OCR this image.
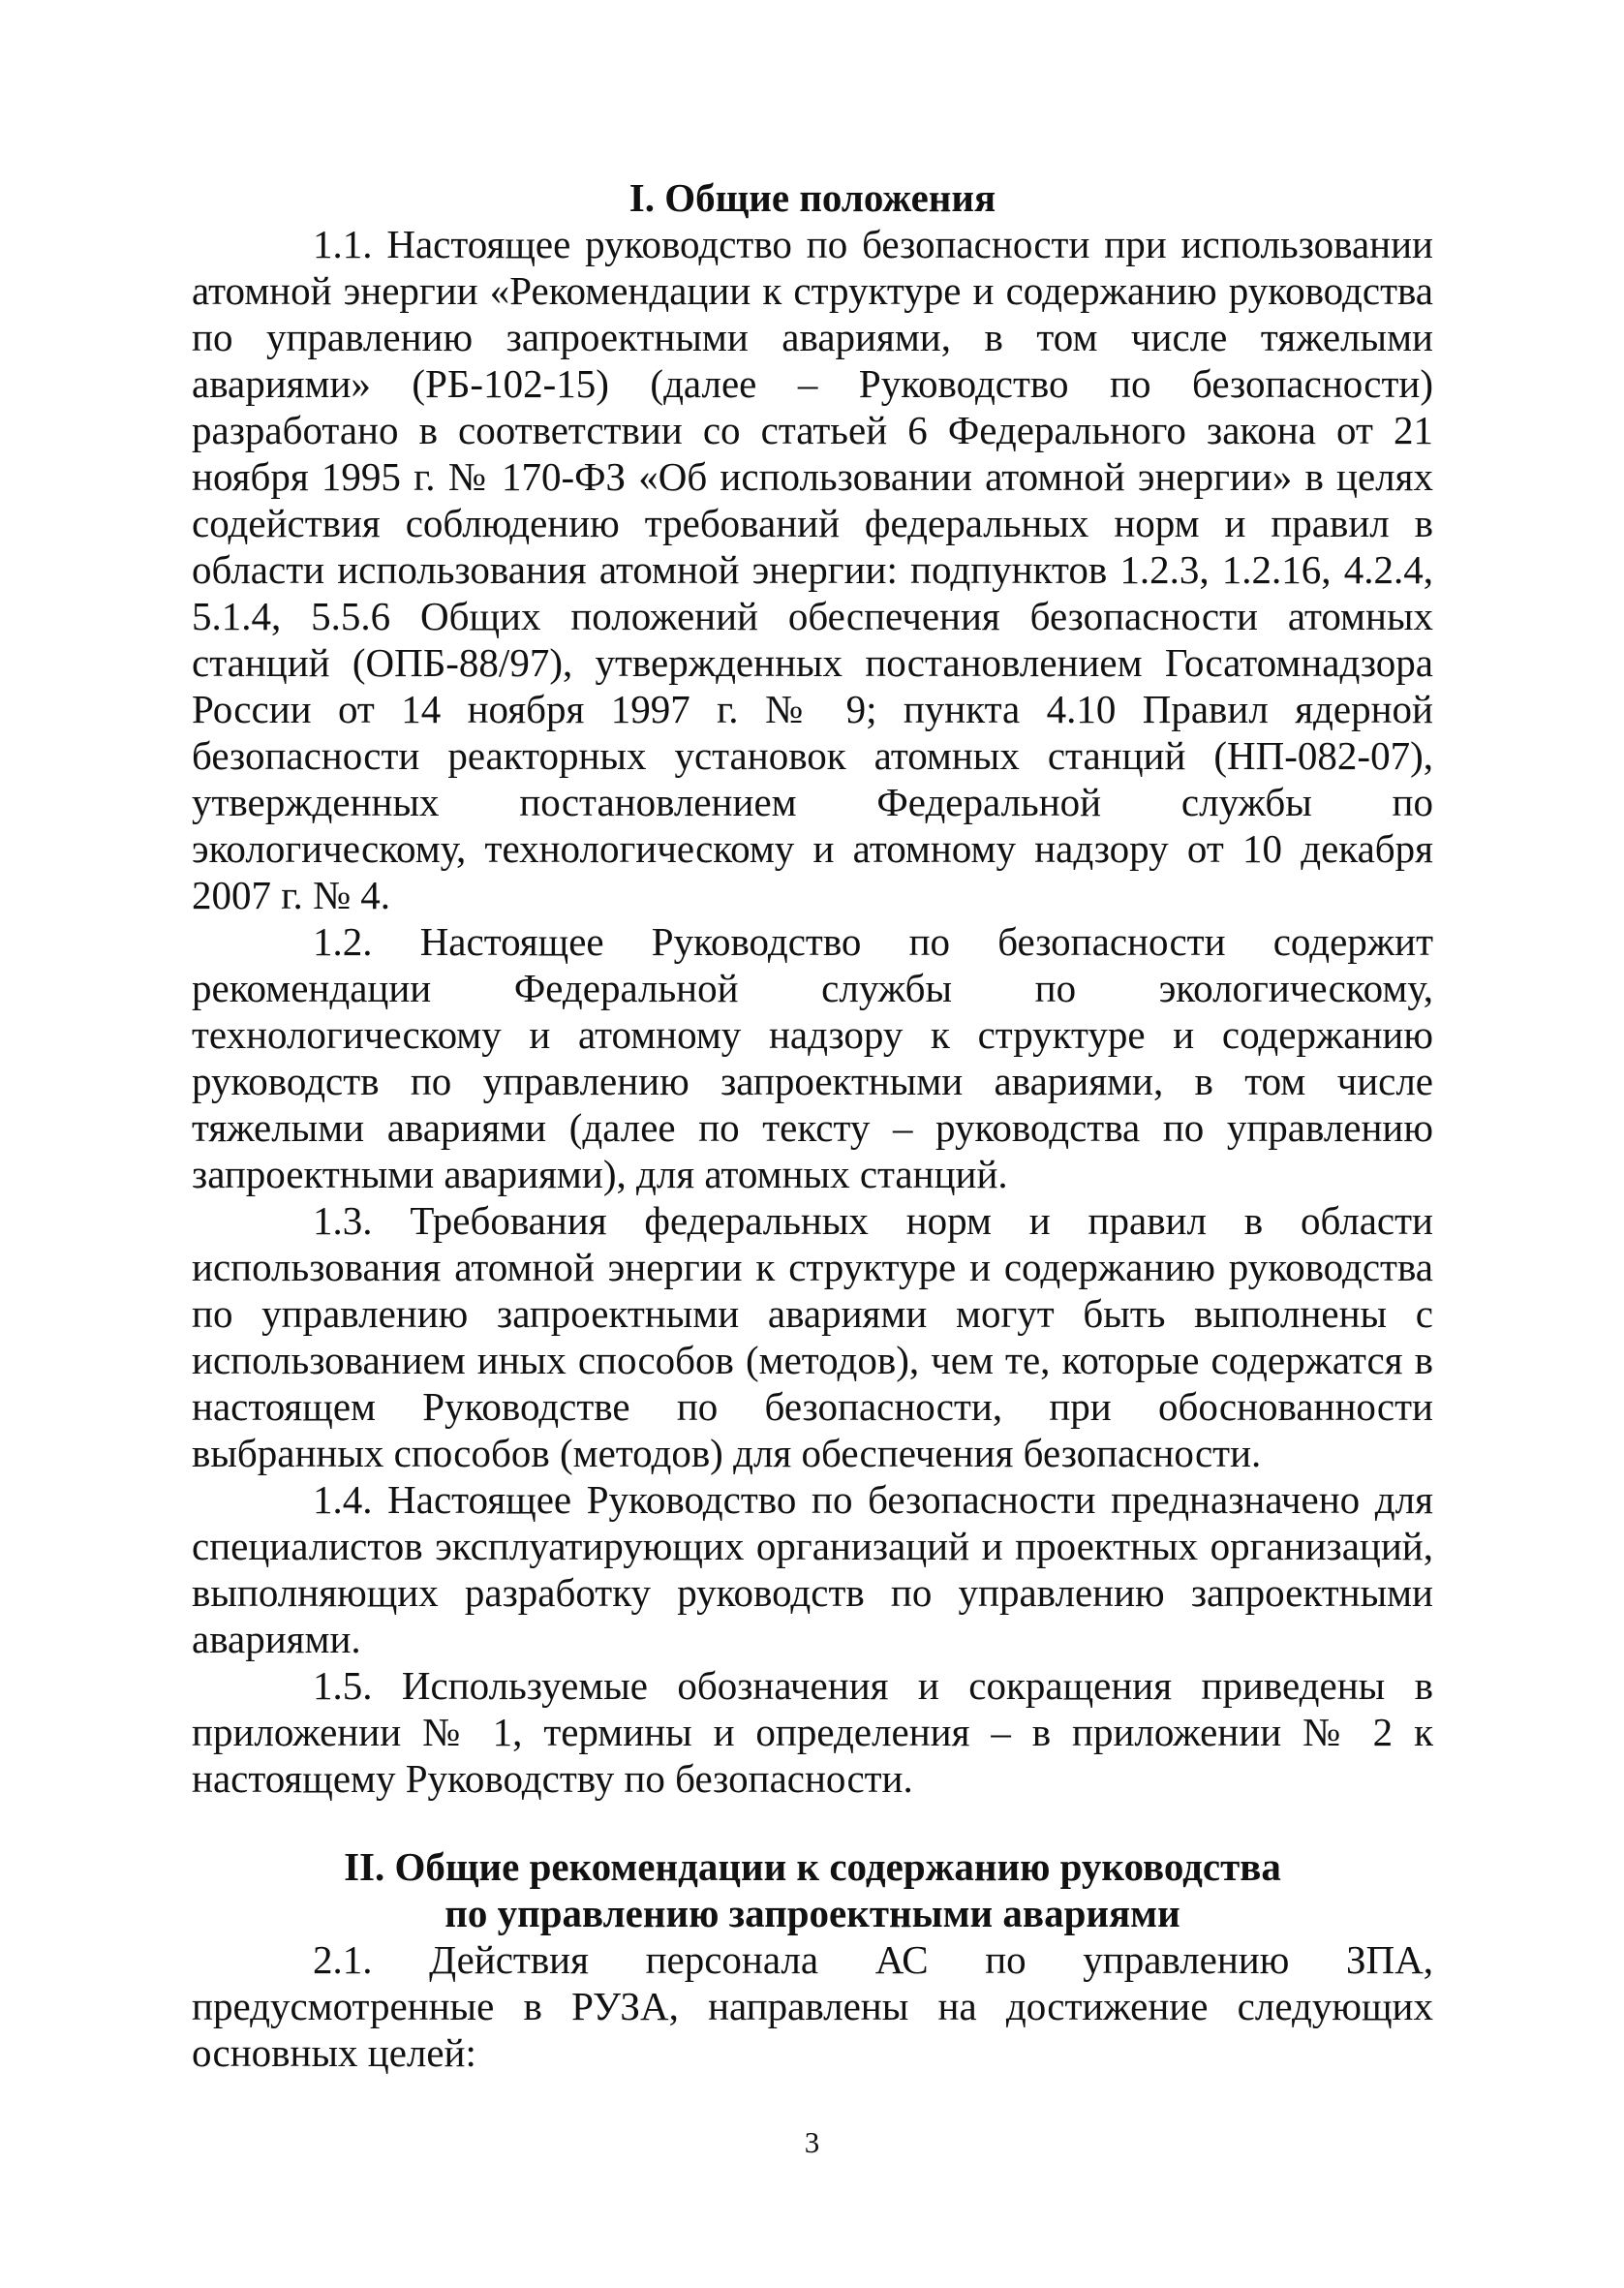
I. Общие положения

1.1. Настоящее руководство по безопасности при использовании атомной энергии «Рекомендации к структуре и содержанию руководства по управлению запроектными авариями, в том числе тяжелыми авариями» (РБ-102-15) (далее – Руководство по безопасности) разработано в соответствии со статьей 6 Федерального закона от 21 ноября 1995 г. № 170-ФЗ «Об использовании атомной энергии» в целях содействия соблюдению требований федеральных норм и правил в области использования атомной энергии: подпунктов 1.2.3, 1.2.16, 4.2.4, 5.1.4, 5.5.6 Общих положений обеспечения безопасности атомных станций (ОПБ-88/97), утвержденных постановлением Госатомнадзора России от 14 ноября 1997 г. № 9; пункта 4.10 Правил ядерной безопасности реакторных установок атомных станций (НП-082-07), утвержденных постановлением Федеральной службы по экологическому, технологическому и атомному надзору от 10 декабря 2007 г. № 4.

1.2. Настоящее Руководство по безопасности содержит рекомендации Федеральной службы по экологическому, технологическому и атомному надзору к структуре и содержанию руководств по управлению запроектными авариями, в том числе тяжелыми авариями (далее по тексту – руководства по управлению запроектными авариями), для атомных станций.

1.3. Требования федеральных норм и правил в области использования атомной энергии к структуре и содержанию руководства по управлению запроектными авариями могут быть выполнены с использованием иных способов (методов), чем те, которые содержатся в настоящем Руководстве по безопасности, при обоснованности выбранных способов (методов) для обеспечения безопасности.

1.4. Настоящее Руководство по безопасности предназначено для специалистов эксплуатирующих организаций и проектных организаций, выполняющих разработку руководств по управлению запроектными авариями.

1.5. Используемые обозначения и сокращения приведены в приложении № 1, термины и определения – в приложении № 2 к настоящему Руководству по безопасности.

II. Общие рекомендации к содержанию руководства
по управлению запроектными авариями

2.1. Действия персонала АС по управлению ЗПА, предусмотренные в РУЗА, направлены на достижение следующих основных целей:

3
